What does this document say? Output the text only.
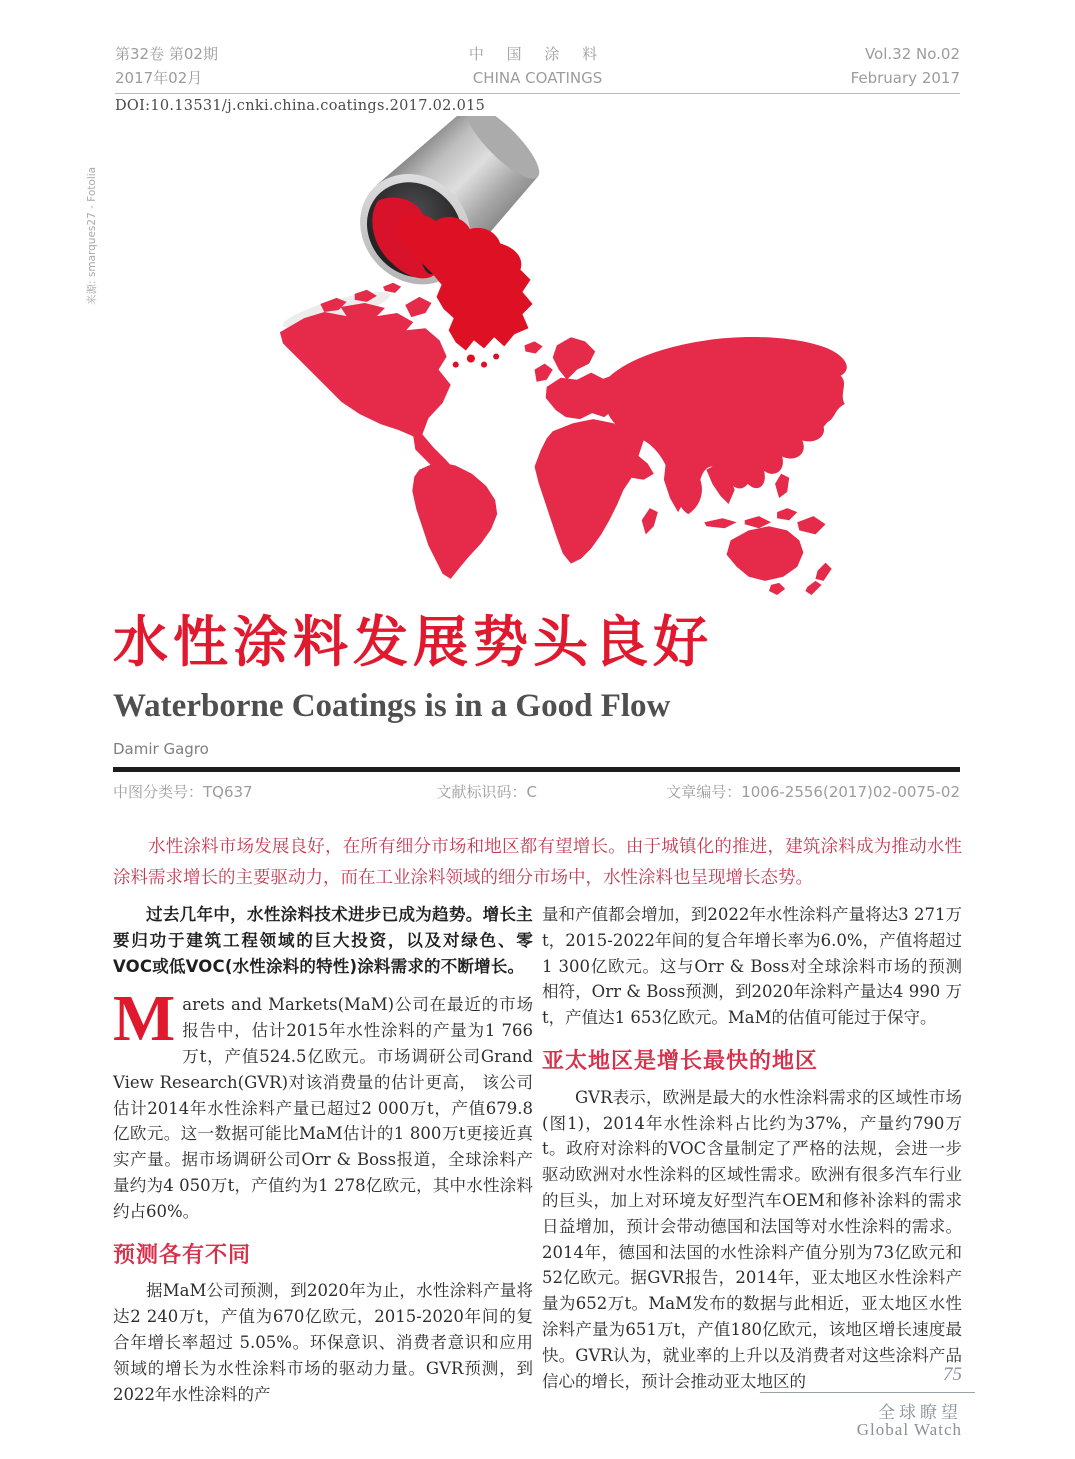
第32卷 第02期
2017年02月
中 国 涂 料
CHINA COATINGS
Vol.32 No.02
February 2017
DOI:10.13531/j.cnki.china.coatings.2017.02.015
来源: smarques27 - Fotolia
水性涂料发展势头良好
Waterborne Coatings is in a Good Flow
Damir Gagro
中图分类号：TQ637	文献标识码：C	文章编号：1006-2556(2017)02-0075-02

水性涂料市场发展良好，在所有细分市场和地区都有望增长。由于城镇化的推进，建筑涂料成为推动水性涂料需求增长的主要驱动力，而在工业涂料领域的细分市场中，水性涂料也呈现增长态势。

过去几年中，水性涂料技术进步已成为趋势。增长主要归功于建筑工程领域的巨大投资，以及对绿色、零VOC或低VOC(水性涂料的特性)涂料需求的不断增长。

Marets and Markets(MaM)公司在最近的市场报告中，估计2015年水性涂料的产量为1 766万t，产值524.5亿欧元。市场调研公司Grand View Research(GVR)对该消费量的估计更高， 该公司估计2014年水性涂料产量已超过2 000万t，产值679.8亿欧元。这一数据可能比MaM估计的1 800万t更接近真实产量。据市场调研公司Orr & Boss报道，全球涂料产量约为4 050万t，产值约为1 278亿欧元，其中水性涂料约占60%。

预测各有不同

据MaM公司预测，到2020年为止，水性涂料产量将达2 240万t，产值为670亿欧元，2015-2020年间的复合年增长率超过 5.05%。环保意识、消费者意识和应用领域的增长为水性涂料市场的驱动力量。GVR预测，到2022年水性涂料的产

量和产值都会增加，到2022年水性涂料产量将达3 271万t，2015-2022年间的复合年增长率为6.0%，产值将超过1 300亿欧元。这与Orr & Boss对全球涂料市场的预测相符，Orr & Boss预测，到2020年涂料产量达4 990 万t，产值达1 653亿欧元。MaM的估值可能过于保守。

亚太地区是增长最快的地区

GVR表示，欧洲是最大的水性涂料需求的区域性市场(图1)，2014年水性涂料占比约为37%，产量约790万t。政府对涂料的VOC含量制定了严格的法规，会进一步驱动欧洲对水性涂料的区域性需求。欧洲有很多汽车行业的巨头，加上对环境友好型汽车OEM和修补涂料的需求日益增加，预计会带动德国和法国等对水性涂料的需求。2014年，德国和法国的水性涂料产值分别为73亿欧元和52亿欧元。据GVR报告，2014年，亚太地区水性涂料产量为652万t。MaM发布的数据与此相近，亚太地区水性涂料产量为651万t，产值180亿欧元，该地区增长速度最快。GVR认为，就业率的上升以及消费者对这些涂料产品信心的增长，预计会推动亚太地区的	75
全球瞭望
Global Watch
